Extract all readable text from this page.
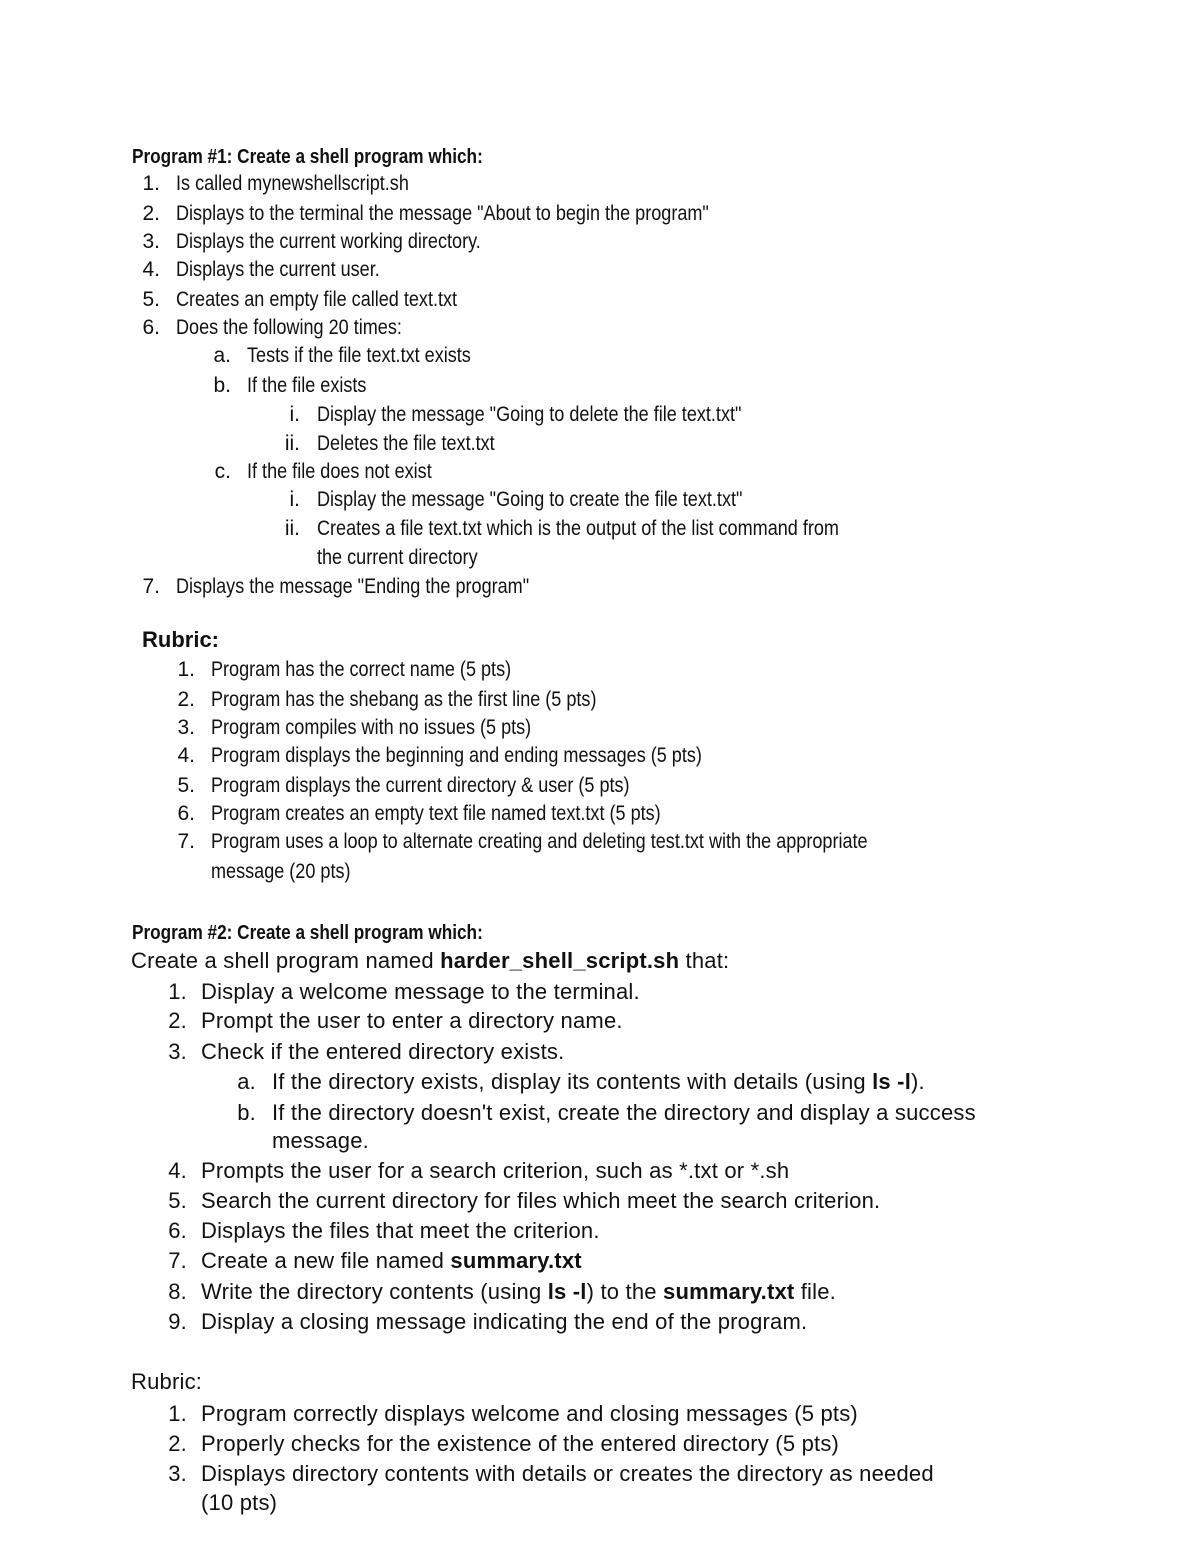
Program #1: Create a shell program which:
1. Is called mynewshellscript.sh
2. Displays to the terminal the message "About to begin the program"
3. Displays the current working directory.
4. Displays the current user.
5. Creates an empty file called text.txt
6. Does the following 20 times:
a. Tests if the file text.txt exists
b. If the file exists
i. Display the message "Going to delete the file text.txt"
ii. Deletes the file text.txt
c. If the file does not exist
i. Display the message "Going to create the file text.txt"
ii. Creates a file text.txt which is the output of the list command from
the current directory
7. Displays the message "Ending the program"
Rubric:
1. Program has the correct name (5 pts)
2. Program has the shebang as the first line (5 pts)
3. Program compiles with no issues (5 pts)
4. Program displays the beginning and ending messages (5 pts)
5. Program displays the current directory & user (5 pts)
6. Program creates an empty text file named text.txt (5 pts)
7. Program uses a loop to alternate creating and deleting test.txt with the appropriate
message (20 pts)
Program #2: Create a shell program which:
Create a shell program named harder_shell_script.sh that:
1. Display a welcome message to the terminal.
2. Prompt the user to enter a directory name.
3. Check if the entered directory exists.
a. If the directory exists, display its contents with details (using ls -l).
b. If the directory doesn't exist, create the directory and display a success
message.
4. Prompts the user for a search criterion, such as *.txt or *.sh
5. Search the current directory for files which meet the search criterion.
6. Displays the files that meet the criterion.
7. Create a new file named summary.txt
8. Write the directory contents (using ls -l) to the summary.txt file.
9. Display a closing message indicating the end of the program.
Rubric:
1. Program correctly displays welcome and closing messages (5 pts)
2. Properly checks for the existence of the entered directory (5 pts)
3. Displays directory contents with details or creates the directory as needed
(10 pts)
